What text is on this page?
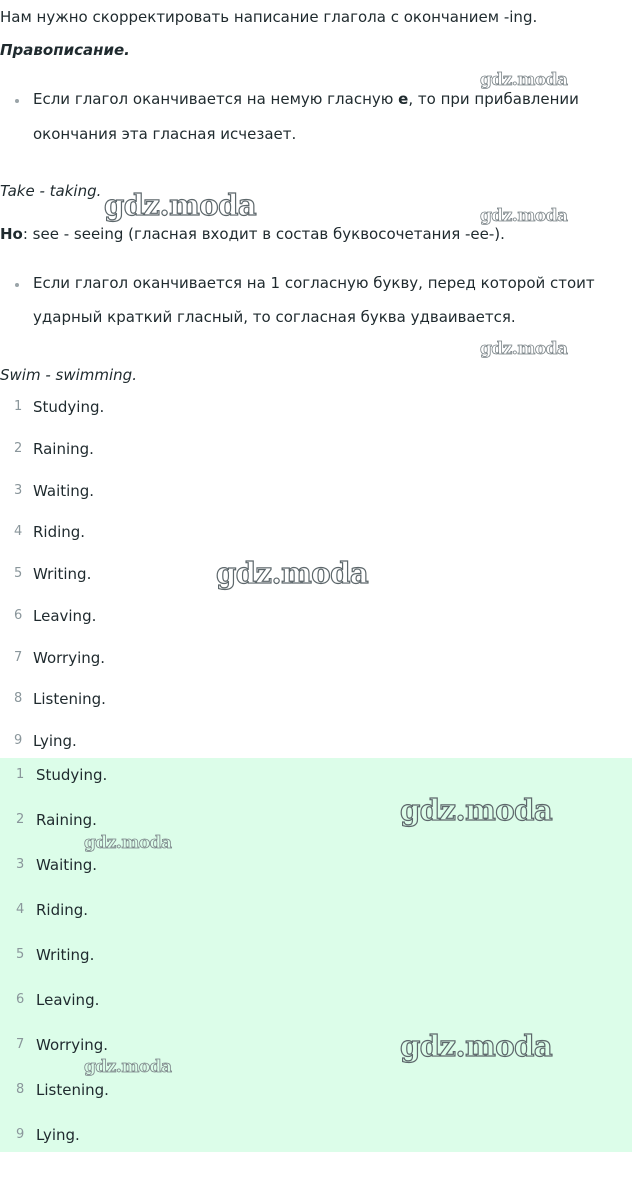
Нам нужно скорректировать написание глагола с окончанием -ing.
Правописание.
Если глагол оканчивается на немую гласную e, то при прибавлении
окончания эта гласная исчезает.
Take - taking.
Но: see - seeing (гласная входит в состав буквосочетания -ee-).
Если глагол оканчивается на 1 согласную букву, перед которой стоит
ударный краткий гласный, то согласная буква удваивается.
Swim - swimming.
1 Studying.
2 Raining.
3 Waiting.
4 Riding.
5 Writing.
6 Leaving.
7 Worrying.
8 Listening.
9 Lying.
1 Studying.
2 Raining.
3 Waiting.
4 Riding.
5 Writing.
6 Leaving.
7 Worrying.
8 Listening.
9 Lying.
gdz.moda
gdz.moda	gdz.moda
gdz.moda
gdz.moda
gdz.moda
gdz.moda
gdz.moda
gdz.moda
